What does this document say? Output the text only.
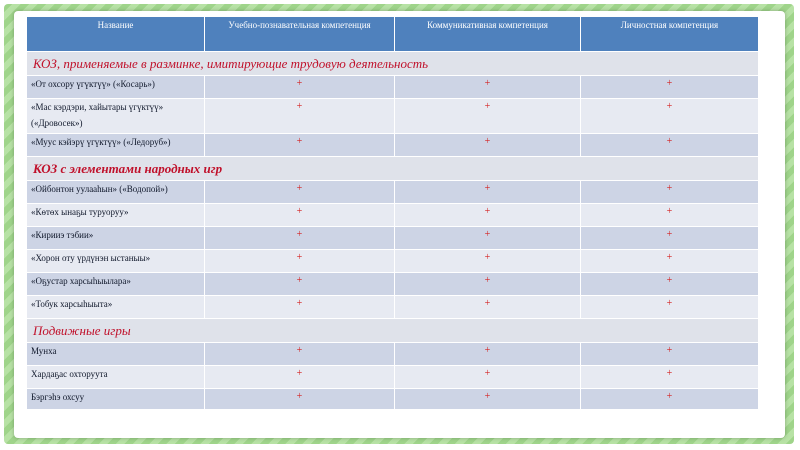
Название	Учебно-познавательная компетенция	Коммуникативная компетенция	Личностная компетенция

КОЗ, применяемые в разминке, имитирующие трудовую деятельность			
«От охсору үгүктүү» («Косарь»)	+	+	+
«Мас кэрдэри, хайытары үгүктүү» («Дровосек»)	+	+	+
«Муус кэйэрү үгүктүү» («Ледоруб»)	+	+	+
КОЗ с элементами народных игр			
«Ойбонтон уулааһын» («Водопой»)	+	+	+
«Көтөх ынаҕы туруоруу»	+	+	+
«Кирииэ тэбии»	+	+	+
«Хорон оту үрдүнэн ыстаныы»	+	+	+
«Оҕустар харсыһыылара»	+	+	+
«Тобук харсыһыыта»	+	+	+
Подвижные игры			
Мунха	+	+	+
Хардаҕас охторуута	+	+	+
Бэргэһэ охсуу	+	+	+
